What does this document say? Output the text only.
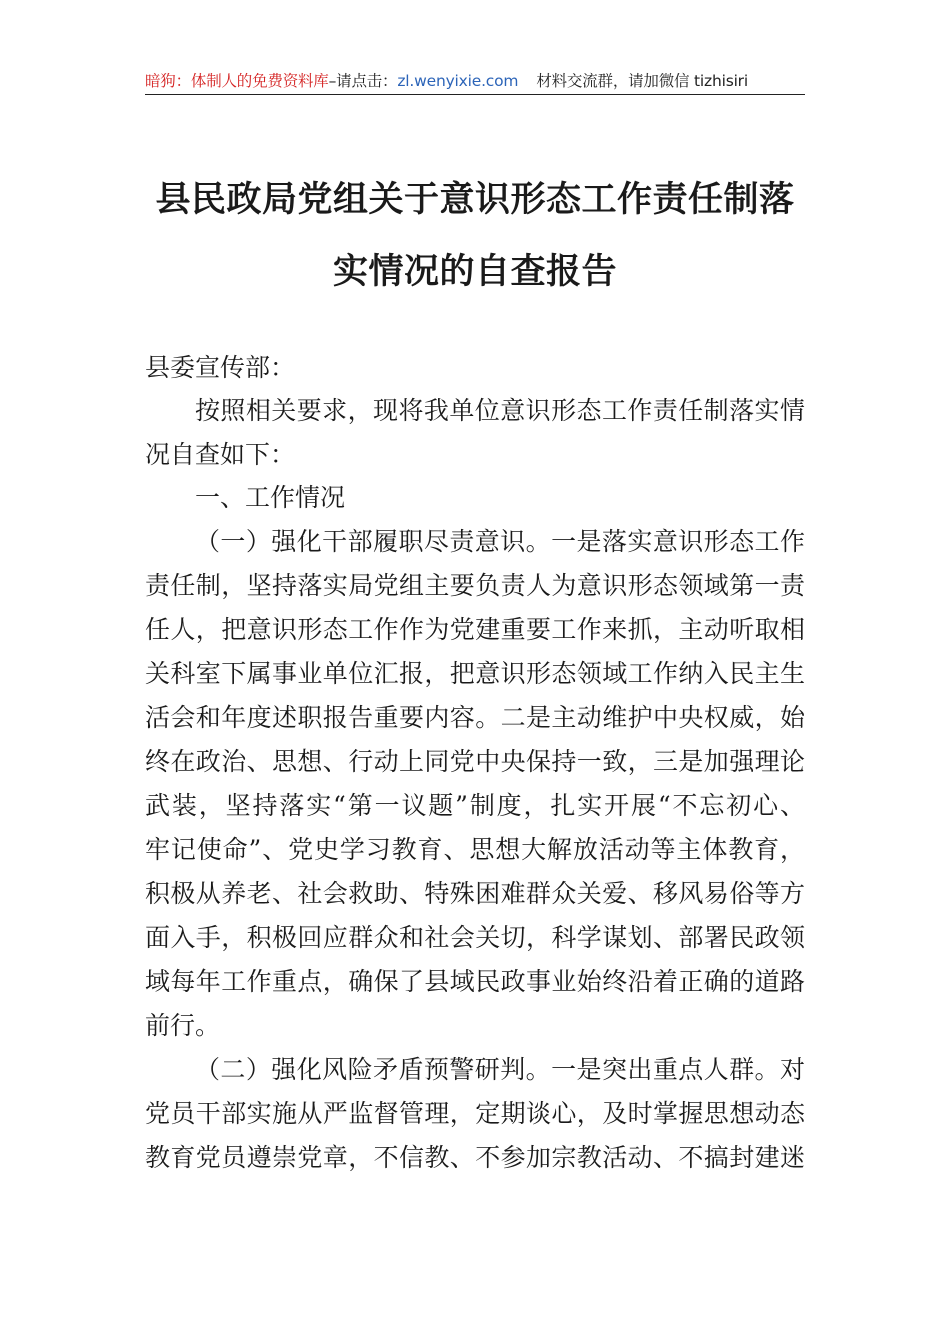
暗狗：体制人的免费资料库–请点击：zl.wenyixie.com 材料交流群，请加微信 tizhisiri
县民政局党组关于意识形态工作责任制落
实情况的自查报告
县委宣传部：
按照相关要求，现将我单位意识形态工作责任制落实情
况自查如下：
一、工作情况
（一）强化干部履职尽责意识。一是落实意识形态工作
责任制，坚持落实局党组主要负责人为意识形态领域第一责
任人，把意识形态工作作为党建重要工作来抓，主动听取相
关科室下属事业单位汇报，把意识形态领域工作纳入民主生
活会和年度述职报告重要内容。二是主动维护中央权威，始
终在政治、思想、行动上同党中央保持一致，三是加强理论
武装，坚持落实“第一议题”制度，扎实开展“不忘初心、
牢记使命”、党史学习教育、思想大解放活动等主体教育，
积极从养老、社会救助、特殊困难群众关爱、移风易俗等方
面入手，积极回应群众和社会关切，科学谋划、部署民政领
域每年工作重点，确保了县域民政事业始终沿着正确的道路
前行。
（二）强化风险矛盾预警研判。一是突出重点人群。对
党员干部实施从严监督管理，定期谈心，及时掌握思想动态
教育党员遵崇党章，不信教、不参加宗教活动、不搞封建迷
